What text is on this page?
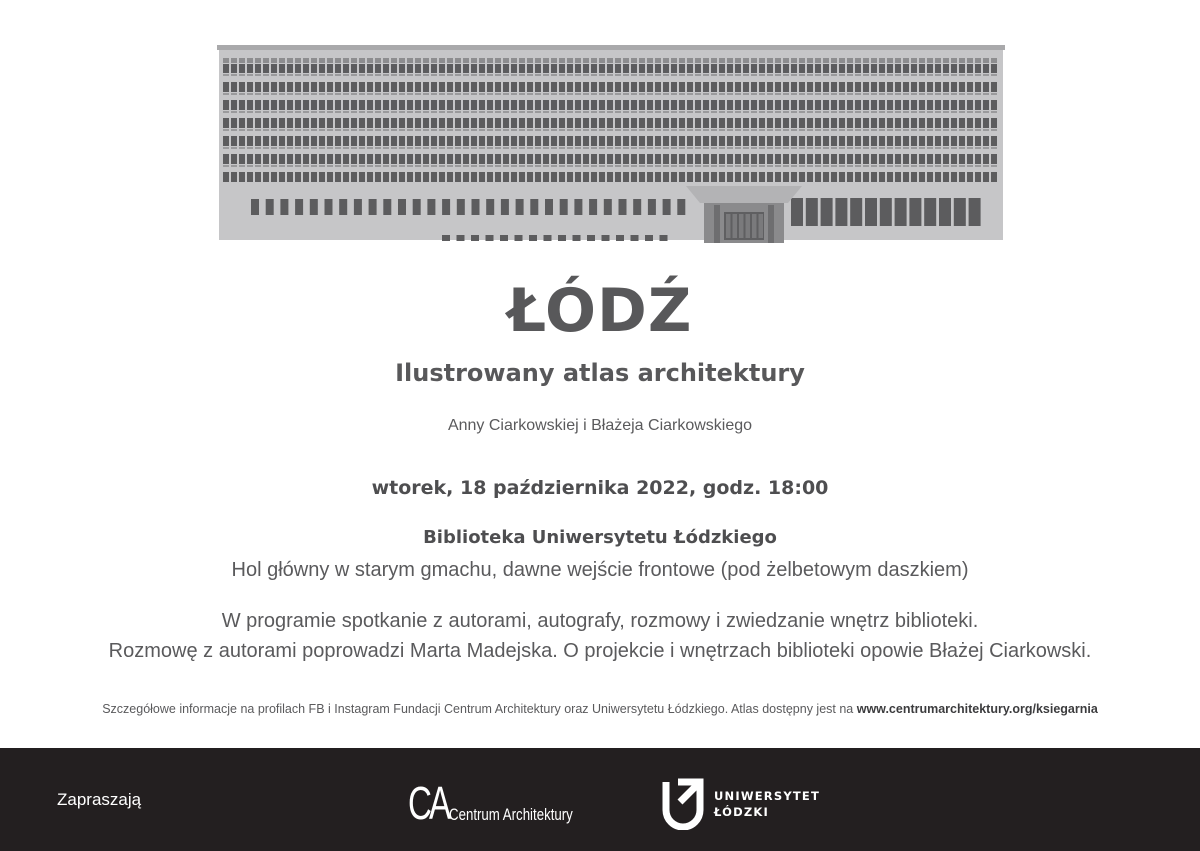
ŁÓDŹ
Ilustrowany atlas architektury
Anny Ciarkowskiej i Błażeja Ciarkowskiego
wtorek, 18 października 2022, godz. 18:00
Biblioteka Uniwersytetu Łódzkiego
Hol główny w starym gmachu, dawne wejście frontowe (pod żelbetowym daszkiem)
W programie spotkanie z autorami, autografy, rozmowy i zwiedzanie wnętrz biblioteki.
Rozmowę z autorami poprowadzi Marta Madejska. O projekcie i wnętrzach biblioteki opowie Błażej Ciarkowski.
Szczegółowe informacje na profilach FB i Instagram Fundacji Centrum Architektury oraz Uniwersytetu Łódzkiego. Atlas dostępny jest na www.centrumarchitektury.org/ksiegarnia
Zapraszają	CA Centrum Architektury
UNIWERSYTET
ŁÓDZKI
